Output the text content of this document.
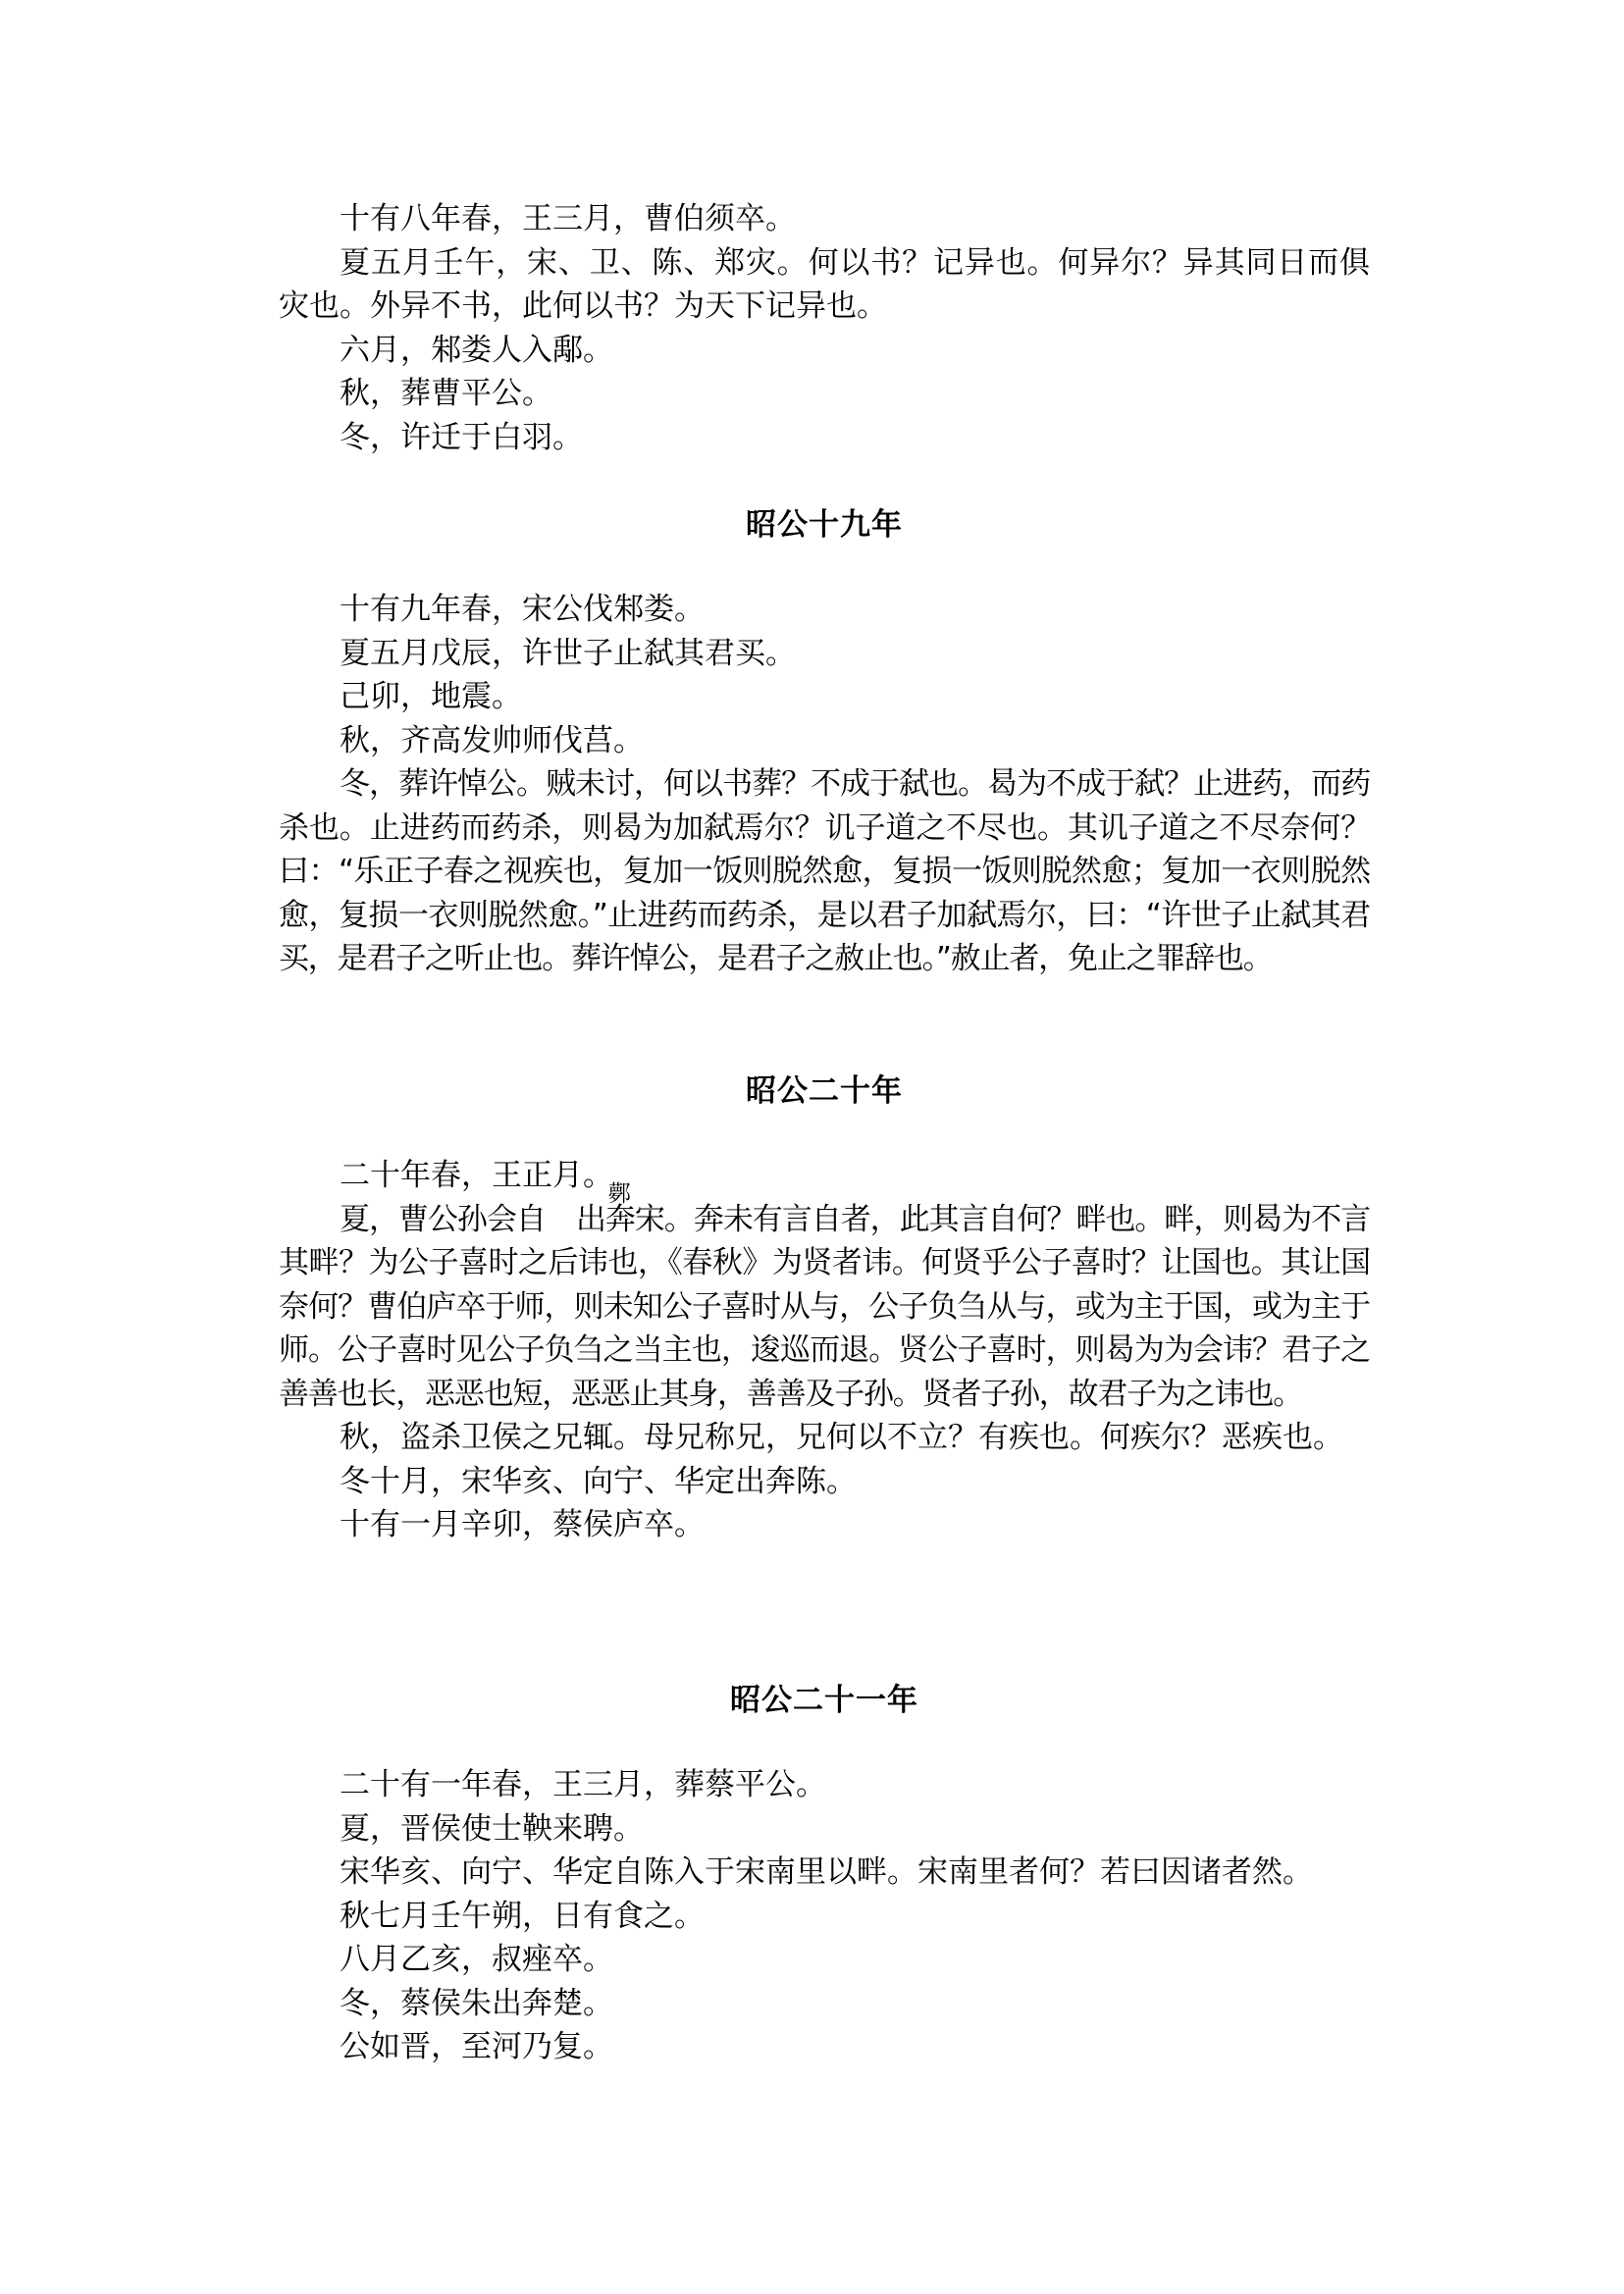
十有八年春，王三月，曹伯须卒。

夏五月壬午，宋、卫、陈、郑灾。何以书？记异也。何异尔？异其同日而俱灾也。外异不书，此何以书？为天下记异也。

六月，邾娄人入鄅。

秋，葬曹平公。

冬，许迁于白羽。

昭公十九年

十有九年春，宋公伐邾娄。

夏五月戊辰，许世子止弑其君买。

己卯，地震。

秋，齐高发帅师伐莒。

冬，葬许悼公。贼未讨，何以书葬？不成于弑也。曷为不成于弑？止进药，而药杀也。止进药而药杀，则曷为加弑焉尔？讥子道之不尽也。其讥子道之不尽奈何？曰：“乐正子春之视疾也，复加一饭则脱然愈，复损一饭则脱然愈；复加一衣则脱然愈，复损一衣则脱然愈。”止进药而药杀，是以君子加弑焉尔，曰：“许世子止弑其君买，是君子之听止也。葬许悼公，是君子之赦止也。”赦止者，免止之罪辞也。

昭公二十年

二十年春，王正月。

夏，曹公孙会自
鄸
出奔宋。奔未有言自者，此其言自何？畔也。畔，则曷为不言其畔？为公子喜时之后讳也，《春秋》为贤者讳。何贤乎公子喜时？让国也。其让国奈何？曹伯庐卒于师，则未知公子喜时从与，公子负刍从与，或为主于国，或为主于师。公子喜时见公子负刍之当主也，逡巡而退。贤公子喜时，则曷为为会讳？君子之善善也长，恶恶也短，恶恶止其身，善善及子孙。贤者子孙，故君子为之讳也。

秋，盗杀卫侯之兄辄。母兄称兄，兄何以不立？有疾也。何疾尔？恶疾也。

冬十月，宋华亥、向宁、华定出奔陈。

十有一月辛卯，蔡侯庐卒。

昭公二十一年

二十有一年春，王三月，葬蔡平公。

夏，晋侯使士鞅来聘。

宋华亥、向宁、华定自陈入于宋南里以畔。宋南里者何？若曰因诸者然。

秋七月壬午朔，日有食之。

八月乙亥，叔痤卒。

冬，蔡侯朱出奔楚。

公如晋，至河乃复。
